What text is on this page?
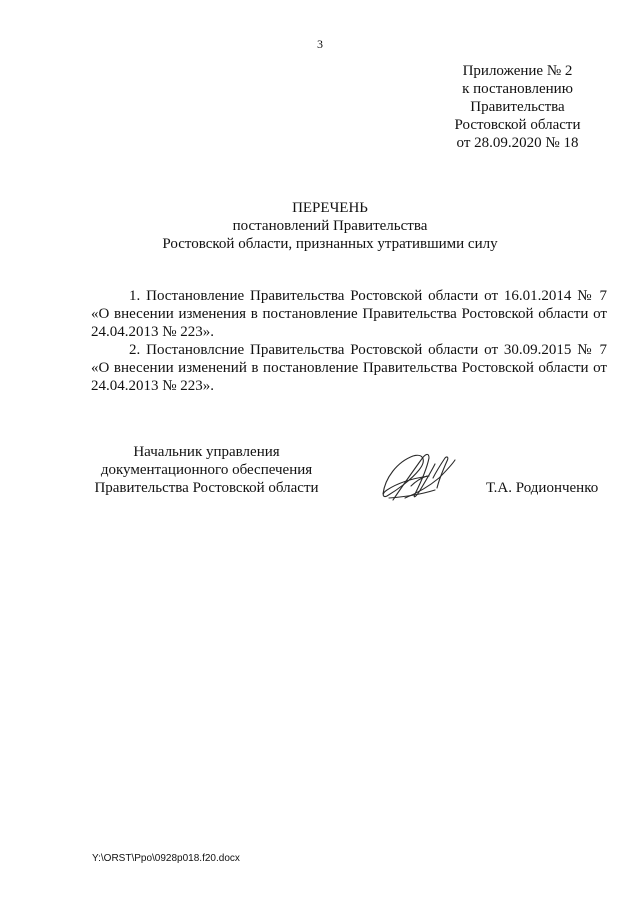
3
Приложение № 2
к постановлению
Правительства
Ростовской области
от 28.09.2020 № 18
ПЕРЕЧЕНЬ
постановлений Правительства
Ростовской области, признанных утратившими силу

1. Постановление Правительства Ростовской области от 16.01.2014 № 7 «О внесении изменения в постановление Правительства Ростовской области от 24.04.2013 № 223».

2. Постановлсние Правительства Ростовской области от 30.09.2015 № 7 «О внесении изменений в постановление Правительства Ростовской области от 24.04.2013 № 223».

Начальник управления
документационного обеспечения
Правительства Ростовской области	Т.А. Родионченко
Y:\ORST\Ppo\0928p018.f20.docx
